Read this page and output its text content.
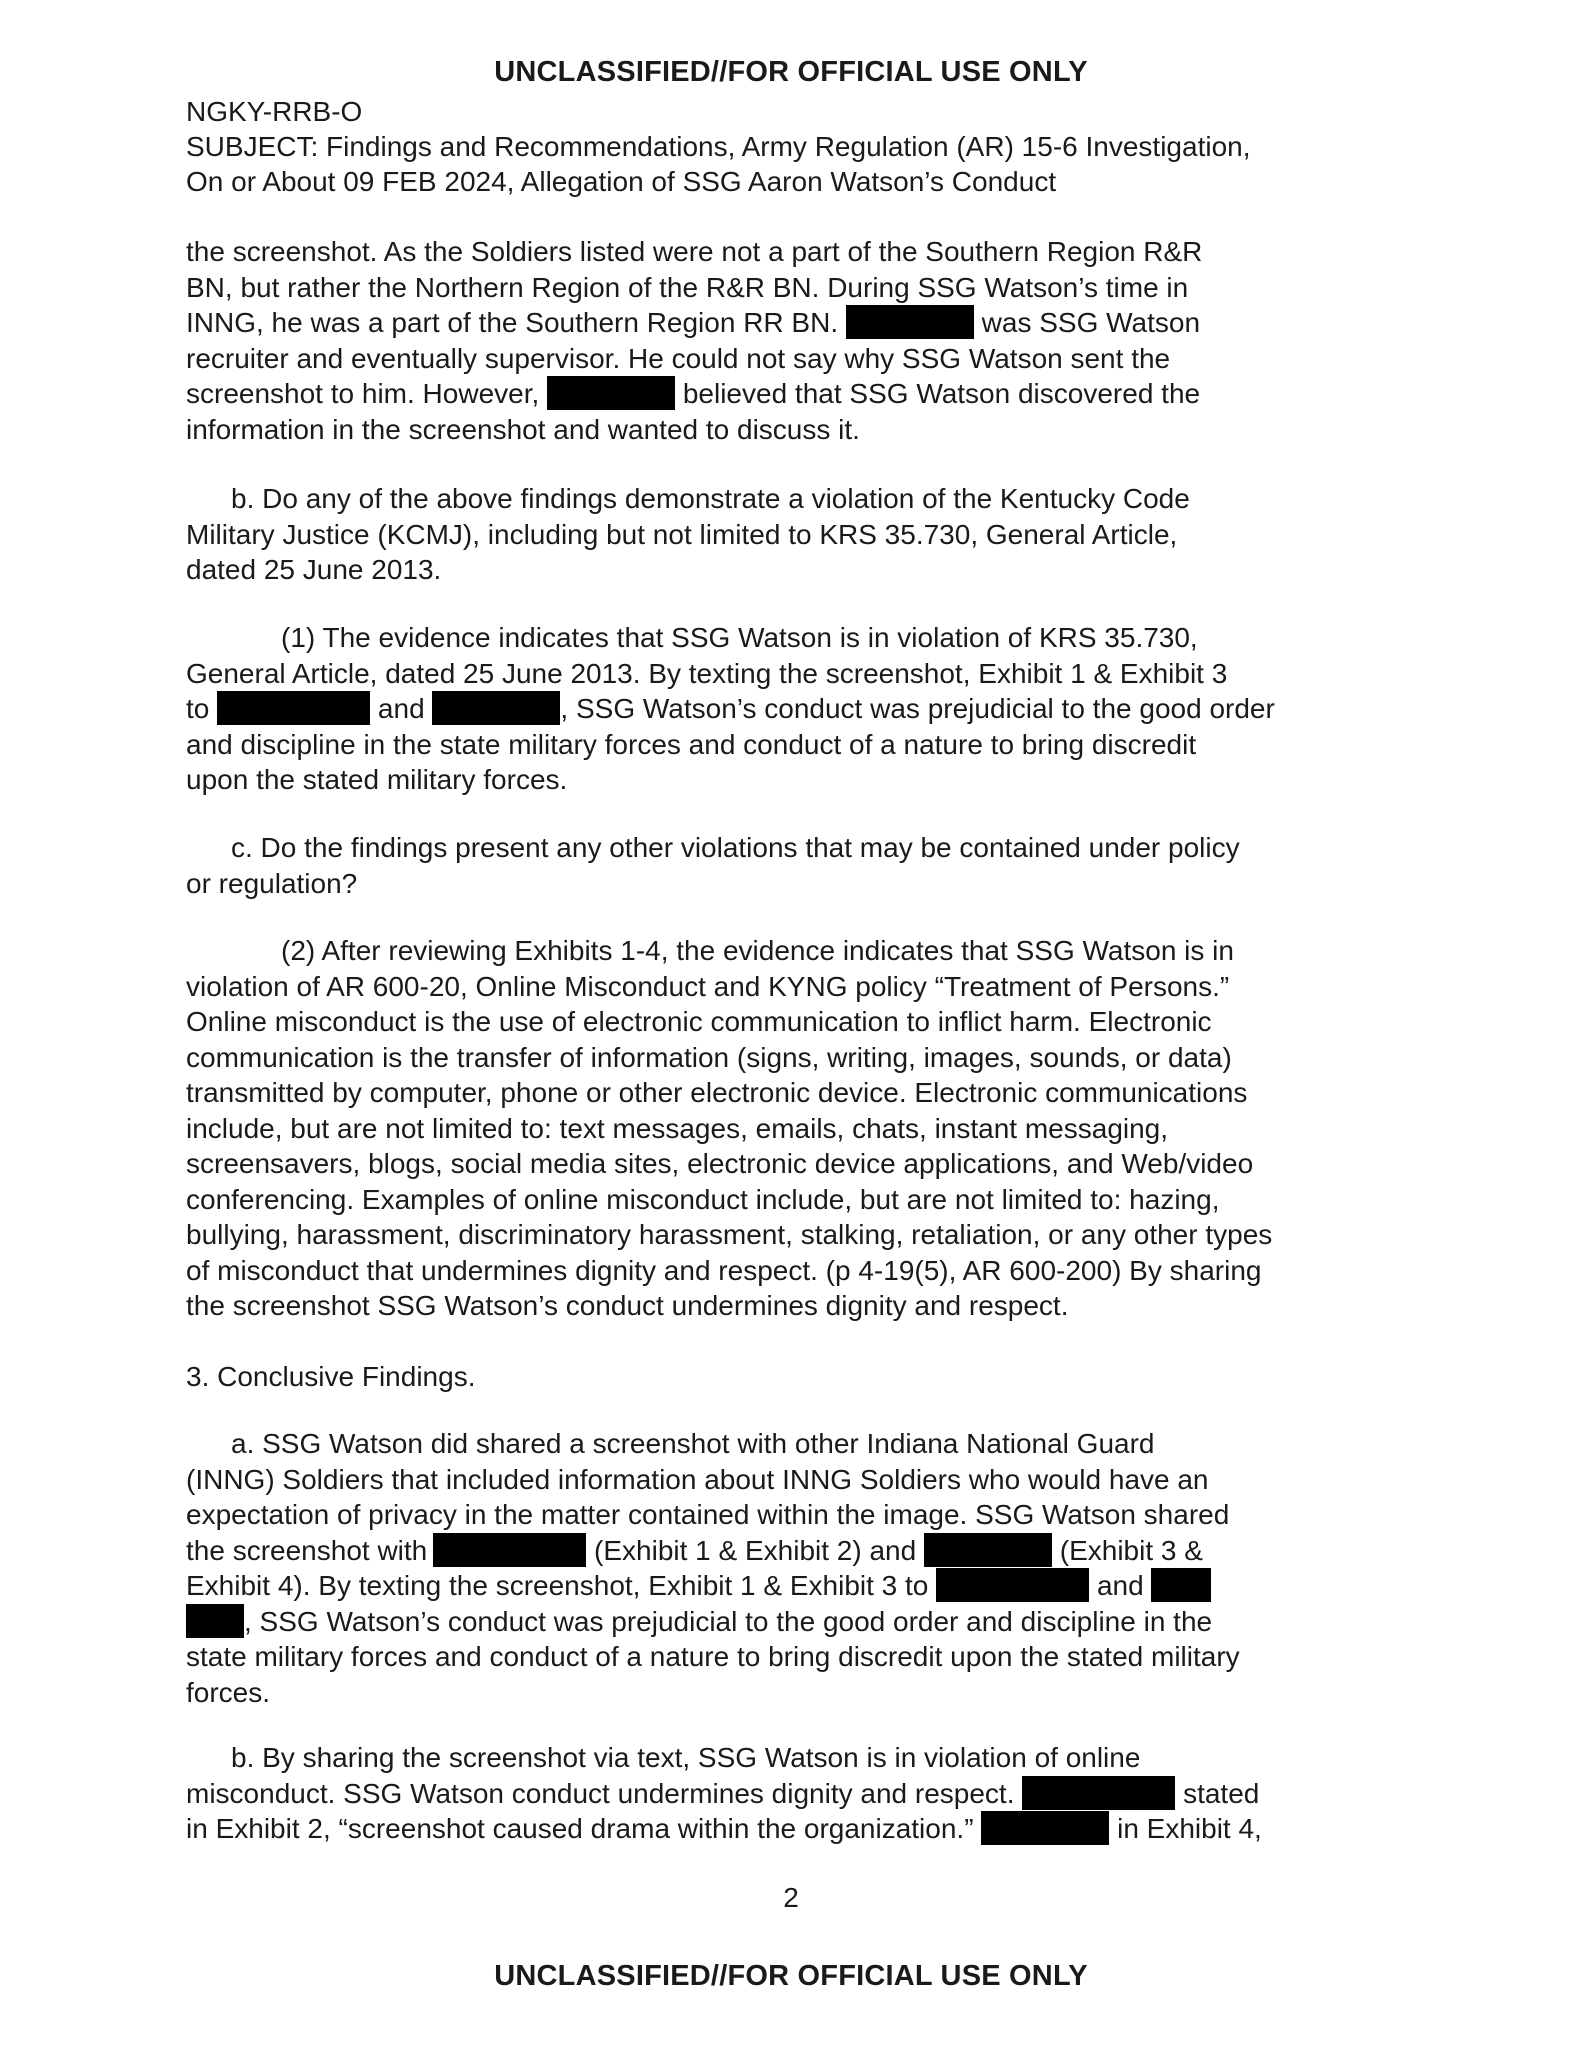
UNCLASSIFIED//FOR OFFICIAL USE ONLY
NGKY-RRB-O
SUBJECT: Findings and Recommendations, Army Regulation (AR) 15-6 Investigation,
On or About 09 FEB 2024, Allegation of SSG Aaron Watson’s Conduct
the screenshot. As the Soldiers listed were not a part of the Southern Region R&R
BN, but rather the Northern Region of the R&R BN. During SSG Watson’s time in
INNG, he was a part of the Southern Region RR BN.	was SSG Watson
recruiter and eventually supervisor. He could not say why SSG Watson sent the
screenshot to him. However,	believed that SSG Watson discovered the
information in the screenshot and wanted to discuss it.
b. Do any of the above findings demonstrate a violation of the Kentucky Code
Military Justice (KCMJ), including but not limited to KRS 35.730, General Article,
dated 25 June 2013.
(1) The evidence indicates that SSG Watson is in violation of KRS 35.730,
General Article, dated 25 June 2013. By texting the screenshot, Exhibit 1 & Exhibit 3
to	and	, SSG Watson’s conduct was prejudicial to the good order
and discipline in the state military forces and conduct of a nature to bring discredit
upon the stated military forces.
c. Do the findings present any other violations that may be contained under policy
or regulation?
(2) After reviewing Exhibits 1-4, the evidence indicates that SSG Watson is in
violation of AR 600-20, Online Misconduct and KYNG policy “Treatment of Persons.”
Online misconduct is the use of electronic communication to inflict harm. Electronic
communication is the transfer of information (signs, writing, images, sounds, or data)
transmitted by computer, phone or other electronic device. Electronic communications
include, but are not limited to: text messages, emails, chats, instant messaging,
screensavers, blogs, social media sites, electronic device applications, and Web/video
conferencing. Examples of online misconduct include, but are not limited to: hazing,
bullying, harassment, discriminatory harassment, stalking, retaliation, or any other types
of misconduct that undermines dignity and respect. (p 4-19(5), AR 600-200) By sharing
the screenshot SSG Watson’s conduct undermines dignity and respect.
3. Conclusive Findings.
a. SSG Watson did shared a screenshot with other Indiana National Guard
(INNG) Soldiers that included information about INNG Soldiers who would have an
expectation of privacy in the matter contained within the image. SSG Watson shared
the screenshot with	(Exhibit 1 & Exhibit 2) and	(Exhibit 3 &
Exhibit 4). By texting the screenshot, Exhibit 1 & Exhibit 3 to	and
, SSG Watson’s conduct was prejudicial to the good order and discipline in the
state military forces and conduct of a nature to bring discredit upon the stated military
forces.
b. By sharing the screenshot via text, SSG Watson is in violation of online
misconduct. SSG Watson conduct undermines dignity and respect.	stated
in Exhibit 2, “screenshot caused drama within the organization.”	in Exhibit 4,
2
UNCLASSIFIED//FOR OFFICIAL USE ONLY
